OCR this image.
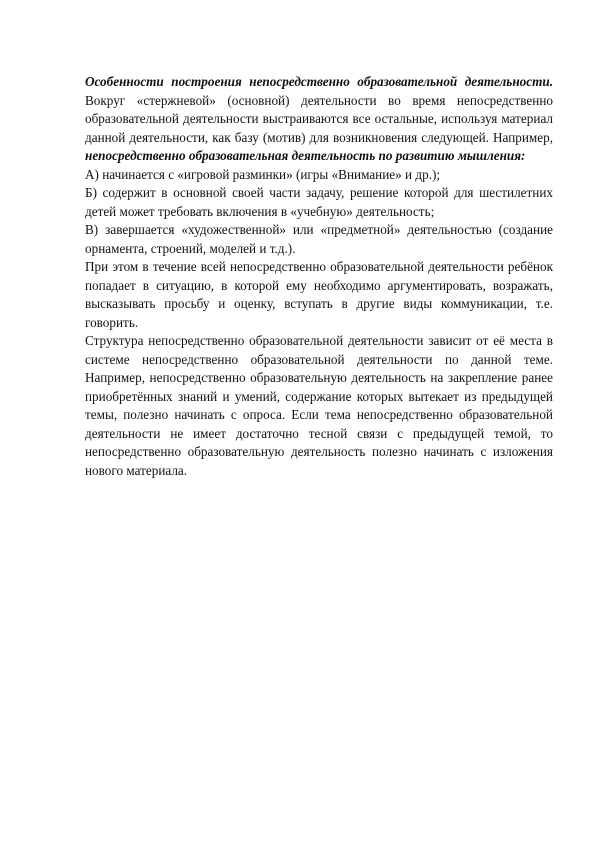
Особенности построения непосредственно образовательной деятельности. Вокруг «стержневой» (основной) деятельности во время непосредственно образовательной деятельности выстраиваются все остальные, используя материал данной деятельности, как базу (мотив) для возникновения следующей. Например, непосредственно образовательная деятельность по развитию мышления:

А) начинается с «игровой разминки» (игры «Внимание» и др.);

Б) содержит в основной своей части задачу, решение которой для шестилетних детей может требовать включения в «учебную» деятельность;

В) завершается «художественной» или «предметной» деятельностью (создание орнамента, строений, моделей и т.д.).

При этом в течение всей непосредственно образовательной деятельности ребёнок попадает в ситуацию, в которой ему необходимо аргументировать, возражать, высказывать просьбу и оценку, вступать в другие виды коммуникации, т.е. говорить.

Структура непосредственно образовательной деятельности зависит от её места в системе непосредственно образовательной деятельности по данной теме. Например, непосредственно образовательную деятельность на закрепление ранее приобретённых знаний и умений, содержание которых вытекает из предыдущей темы, полезно начинать с опроса. Если тема непосредственно образовательной деятельности не имеет достаточно тесной связи с предыдущей темой, то непосредственно образовательную деятельность полезно начинать с изложения нового материала.
